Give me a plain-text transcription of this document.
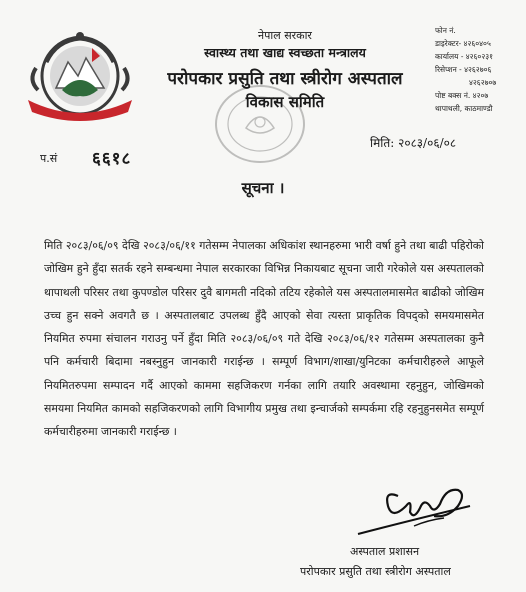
नेपाल सरकार
स्वास्थ्य तथा खाद्य स्वच्छता मन्त्रालय
परोपकार प्रसुति तथा स्त्रीरोग अस्पताल
विकास समिति
फोन नं.
डाइरेक्टर- ४२६०४०५
कार्यालय - ४२६०२३१
रिसेप्शन - ४२६२७०६
४२६२७०७
पोष्ट बक्स नं. ४२०७
थापाथली, काठमाण्डौ
प.सं ६६१८
मिति: २०८३/०६/०८
सूचना ।

मिति २०८३/०६/०९ देखि २०८३/०६/११ गतेसम्म नेपालका अधिकांश स्थानहरुमा भारी वर्षा हुने तथा बाढी पहिरोको जोखिम हुने हुँदा सतर्क रहने सम्बन्धमा नेपाल सरकारका विभिन्न निकायबाट सूचना जारी गरेकोले यस अस्पतालको थापाथली परिसर तथा कुपण्डोल परिसर दुवै बागमती नदिको तटिय रहेकोले यस अस्पतालमासमेत बाढीको जोखिम उच्च हुन सक्ने अवगतै छ । अस्पतालबाट उपलब्ध हुँदै आएको सेवा त्यस्ता प्राकृतिक विपद्को समयमासमेत नियमित रुपमा संचालन गराउनु पर्ने हुँदा मिति २०८३/०६/०९ गते देखि २०८३/०६/१२ गतेसम्म अस्पतालका कुनै पनि कर्मचारी बिदामा नबस्नुहुन जानकारी गराईन्छ । सम्पूर्ण विभाग/शाखा/युनिटका कर्मचारीहरुले आफूले नियमितरुपमा सम्पादन गर्दै आएको काममा सहजिकरण गर्नका लागि तयारि अवस्थामा रहनुहुन, जोखिमको समयमा नियमित कामको सहजिकरणको लागि विभागीय प्रमुख तथा इन्चार्जको सम्पर्कमा रहि रहनुहुनसमेत सम्पूर्ण कर्मचारीहरुमा जानकारी गराईन्छ ।

अस्पताल प्रशासन
परोपकार प्रसुति तथा स्त्रीरोग अस्पताल
